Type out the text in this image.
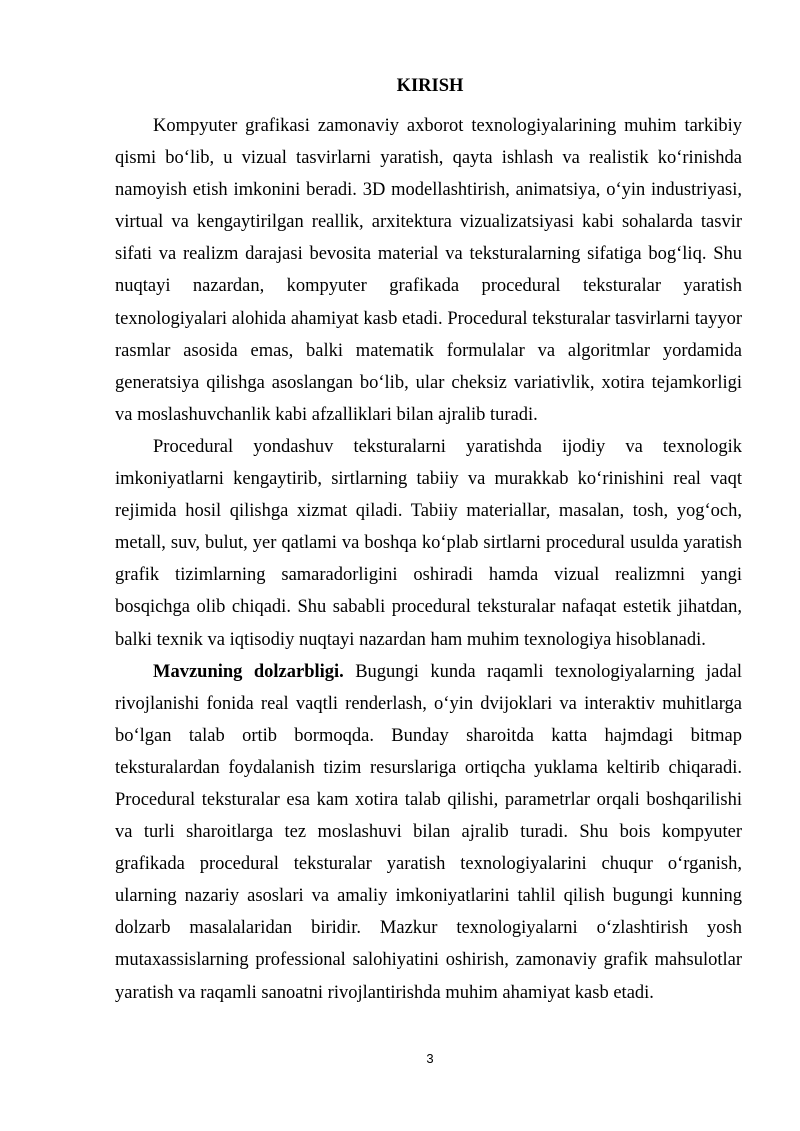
KIRISH

Kompyuter grafikasi zamonaviy axborot texnologiyalarining muhim tarkibiy qismi bo‘lib, u vizual tasvirlarni yaratish, qayta ishlash va realistik ko‘rinishda namoyish etish imkonini beradi. 3D modellashtirish, animatsiya, o‘yin industriyasi, virtual va kengaytirilgan reallik, arxitektura vizualizatsiyasi kabi sohalarda tasvir sifati va realizm darajasi bevosita material va teksturalarning sifatiga bog‘liq. Shu nuqtayi nazardan, kompyuter grafikada procedural teksturalar yaratish texnologiyalari alohida ahamiyat kasb etadi. Procedural teksturalar tasvirlarni tayyor rasmlar asosida emas, balki matematik formulalar va algoritmlar yordamida generatsiya qilishga asoslangan bo‘lib, ular cheksiz variativlik, xotira tejamkorligi va moslashuvchanlik kabi afzalliklari bilan ajralib turadi.

Procedural yondashuv teksturalarni yaratishda ijodiy va texnologik imkoniyatlarni kengaytirib, sirtlarning tabiiy va murakkab ko‘rinishini real vaqt rejimida hosil qilishga xizmat qiladi. Tabiiy materiallar, masalan, tosh, yog‘och, metall, suv, bulut, yer qatlami va boshqa ko‘plab sirtlarni procedural usulda yaratish grafik tizimlarning samaradorligini oshiradi hamda vizual realizmni yangi bosqichga olib chiqadi. Shu sababli procedural teksturalar nafaqat estetik jihatdan, balki texnik va iqtisodiy nuqtayi nazardan ham muhim texnologiya hisoblanadi.

Mavzuning dolzarbligi. Bugungi kunda raqamli texnologiyalarning jadal rivojlanishi fonida real vaqtli renderlash, o‘yin dvijoklari va interaktiv muhitlarga bo‘lgan talab ortib bormoqda. Bunday sharoitda katta hajmdagi bitmap teksturalardan foydalanish tizim resurslariga ortiqcha yuklama keltirib chiqaradi. Procedural teksturalar esa kam xotira talab qilishi, parametrlar orqali boshqarilishi va turli sharoitlarga tez moslashuvi bilan ajralib turadi. Shu bois kompyuter grafikada procedural teksturalar yaratish texnologiyalarini chuqur o‘rganish, ularning nazariy asoslari va amaliy imkoniyatlarini tahlil qilish bugungi kunning dolzarb masalalaridan biridir. Mazkur texnologiyalarni o‘zlashtirish yosh mutaxassislarning professional salohiyatini oshirish, zamonaviy grafik mahsulotlar yaratish va raqamli sanoatni rivojlantirishda muhim ahamiyat kasb etadi.

3
